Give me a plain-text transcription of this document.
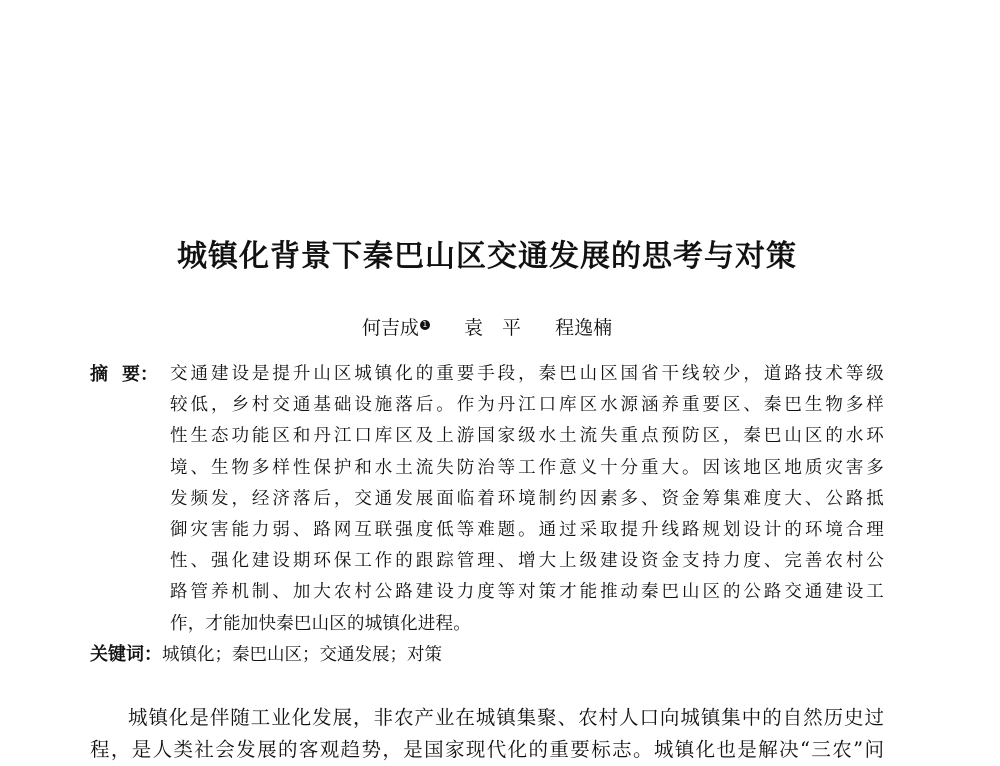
城镇化背景下秦巴山区交通发展的思考与对策
何吉成 1 袁　平 程逸楠
摘 要： 交通建设是提升山区城镇化的重要手段，秦巴山区国省干线较少，道路技术等级
较低，乡村交通基础设施落后。作为丹江口库区水源涵养重要区、秦巴生物多样
性生态功能区和丹江口库区及上游国家级水土流失重点预防区，秦巴山区的水环
境、生物多样性保护和水土流失防治等工作意义十分重大。因该地区地质灾害多
发频发，经济落后，交通发展面临着环境制约因素多、资金筹集难度大、公路抵
御灾害能力弱、路网互联强度低等难题。通过采取提升线路规划设计的环境合理
性、强化建设期环保工作的跟踪管理、增大上级建设资金支持力度、完善农村公
路管养机制、加大农村公路建设力度等对策才能推动秦巴山区的公路交通建设工
作，才能加快秦巴山区的城镇化进程。
关键词：城镇化；秦巴山区；交通发展；对策
城镇化是伴随工业化发展，非农产业在城镇集聚、农村人口向城镇集中的自然历史过
程，是人类社会发展的客观趋势，是国家现代化的重要标志。城镇化也是解决“三农”问
